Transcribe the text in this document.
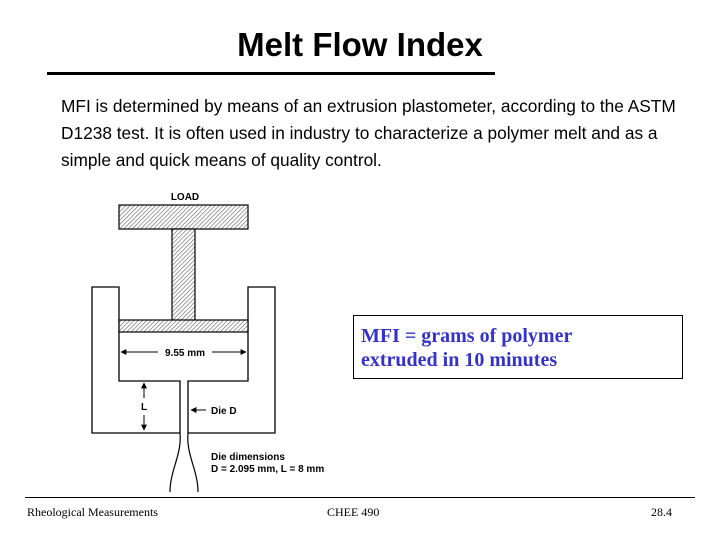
Melt Flow Index
MFI is determined by means of an extrusion plastometer, according to the ASTM D1238 test. It is often used in industry to characterize a polymer melt and as a simple and quick means of quality control.
LOAD
9.55 mm
L	Die D
Die dimensions
D = 2.095 mm, L = 8 mm
MFI = grams of polymer
extruded in 10 minutes
Rheological Measurements	CHEE 490	28.4
